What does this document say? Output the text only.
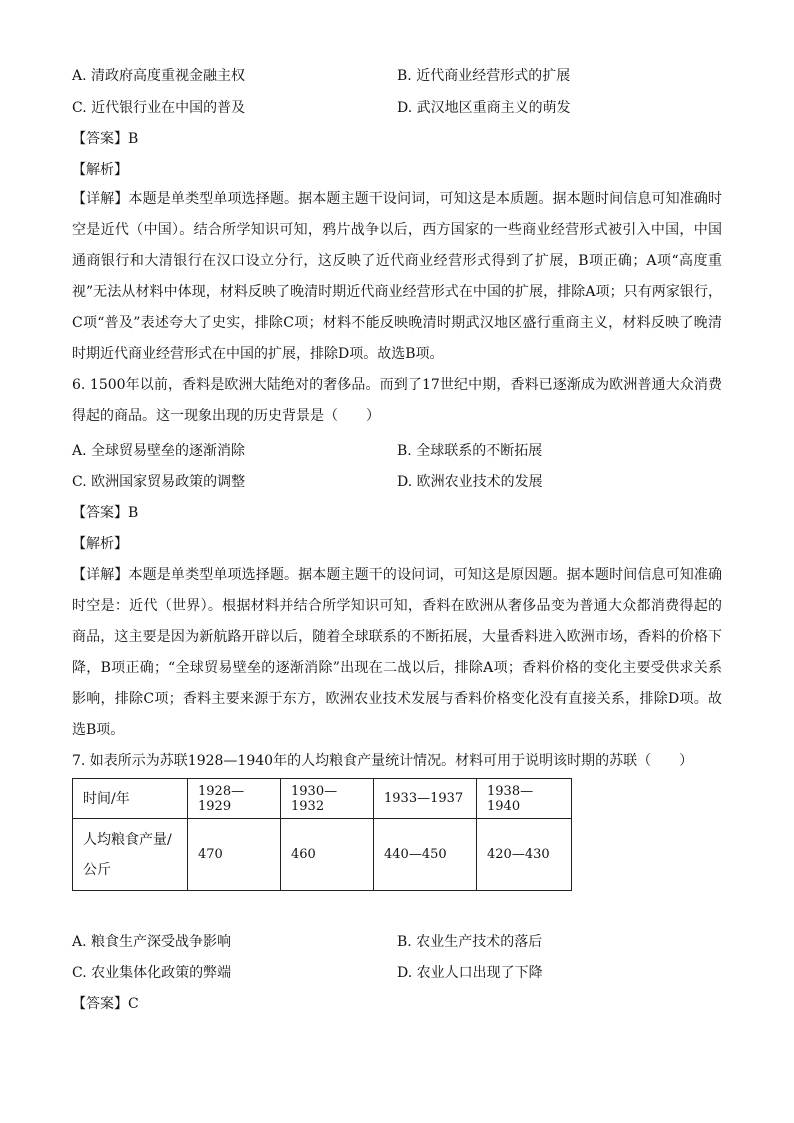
A. 清政府高度重视金融主权	B. 近代商业经营形式的扩展
C. 近代银行业在中国的普及	D. 武汉地区重商主义的萌发
【答案】B
【解析】
【详解】本题是单类型单项选择题。据本题主题干设问词，可知这是本质题。据本题时间信息可知准确时空是近代（中国）。结合所学知识可知，鸦片战争以后，西方国家的一些商业经营形式被引入中国，中国通商银行和大清银行在汉口设立分行，这反映了近代商业经营形式得到了扩展，B项正确；A项“高度重视”无法从材料中体现，材料反映了晚清时期近代商业经营形式在中国的扩展，排除A项；只有两家银行，C项“普及”表述夸大了史实，排除C项；材料不能反映晚清时期武汉地区盛行重商主义，材料反映了晚清时期近代商业经营形式在中国的扩展，排除D项。故选B项。
6. 1500年以前，香料是欧洲大陆绝对的奢侈品。而到了17世纪中期，香料已逐渐成为欧洲普通大众消费得起的商品。这一现象出现的历史背景是（　　）
A. 全球贸易壁垒的逐渐消除	B. 全球联系的不断拓展
C. 欧洲国家贸易政策的调整	D. 欧洲农业技术的发展
【答案】B
【解析】
【详解】本题是单类型单项选择题。据本题主题干的设问词，可知这是原因题。据本题时间信息可知准确时空是：近代（世界）。根据材料并结合所学知识可知，香料在欧洲从奢侈品变为普通大众都消费得起的商品，这主要是因为新航路开辟以后，随着全球联系的不断拓展，大量香料进入欧洲市场，香料的价格下降，B项正确；“全球贸易壁垒的逐渐消除”出现在二战以后，排除A项；香料价格的变化主要受供求关系影响，排除C项；香料主要来源于东方，欧洲农业技术发展与香料价格变化没有直接关系，排除D项。故选B项。
7. 如表所示为苏联1928—1940年的人均粮食产量统计情况。材料可用于说明该时期的苏联（　　）
时间/年	1928—1929	1930—1932	1933—1937	1938—1940
人均粮食产量/公斤	470	460	440—450	420—430
A. 粮食生产深受战争影响	B. 农业生产技术的落后
C. 农业集体化政策的弊端	D. 农业人口出现了下降
【答案】C
